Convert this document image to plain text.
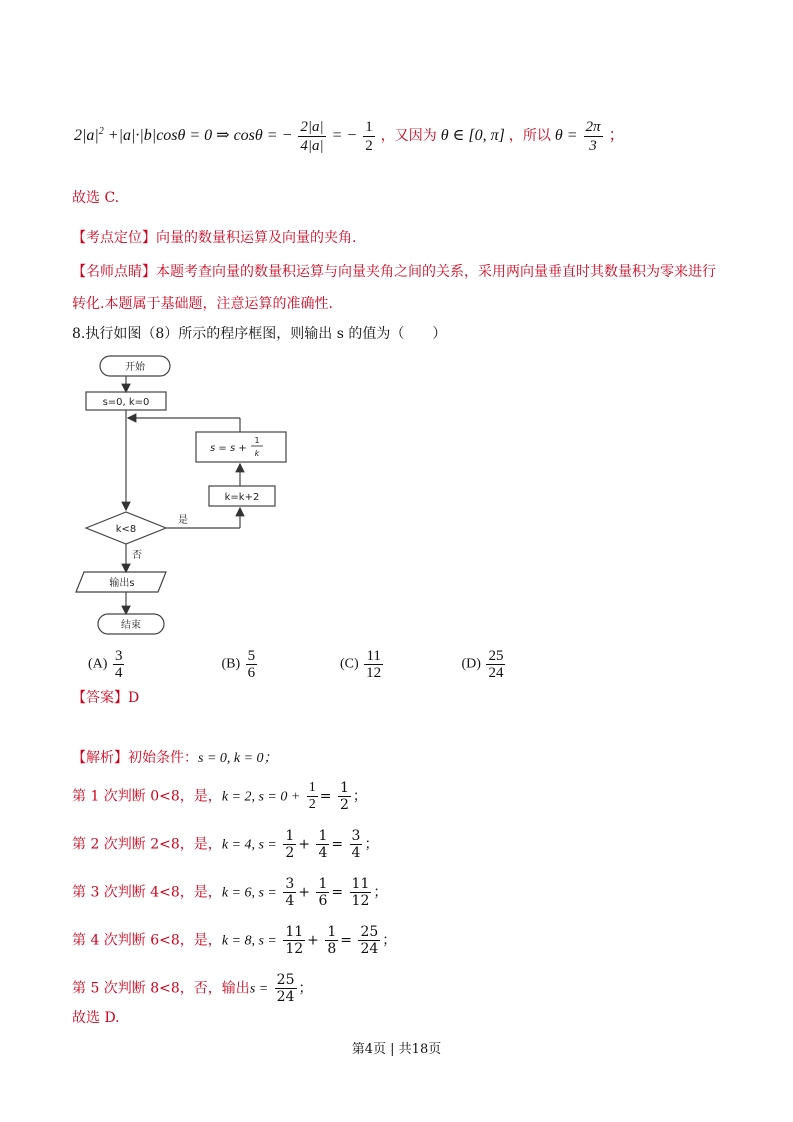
$2|a|^2 +|a|\cdot|b|\cos\theta = 0$ ⇒ cosθ = − $\frac{2|a|}{4|a|}$ = − $\frac{1}{2}$ ，又因为 θ ∈ [0, π] ，所以 $\theta = \frac{2\pi}{3}$ ；
故选 C.
【考点定位】向量的数量积运算及向量的夹角.
【名师点睛】本题考查向量的数量积运算与向量夹角之间的关系，采用两向量垂直时其数量积为零来进行
转化.本题属于基础题，注意运算的准确性.
8.执行如图（8）所示的程序框图，则输出 s 的值为（　　）
开始
s=0, k=0
s = s +
1
k
k=k+2
k<8
是
否
输出s
结束
$(A) \frac{3}{4}$	$(B) \frac{5}{6}$	$(C) \frac{11}{12}$	$(D) \frac{25}{24}$
【答案】D
【解析】初始条件：s = 0, k = 0；
第 1 次判断 0<8，是，k = 2, $s = 0 + \frac{1}{2} = \frac{1}{2}$ ；
第 2 次判断 2<8，是，k = 4, $s = \frac{1}{2} + \frac{1}{4} = \frac{3}{4}$ ；
第 3 次判断 4<8，是，k = 6, $s = \frac{3}{4} + \frac{1}{6} = \frac{11}{12}$ ；
第 4 次判断 6<8，是，k = 8, $s = \frac{11}{12} + \frac{1}{8} = \frac{25}{24}$ ；
第 5 次判断 8<8，否，输出$s = \frac{25}{24}$ ；
故选 D.
第4页 | 共18页
